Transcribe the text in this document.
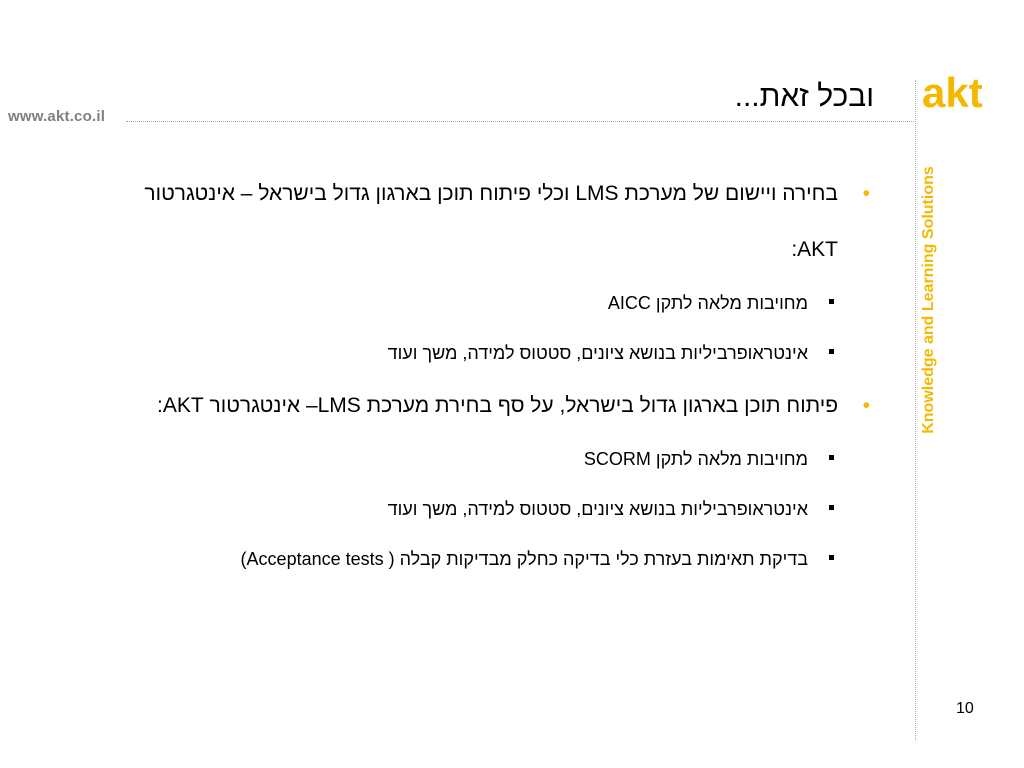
www.akt.co.il
akt
Knowledge and Learning Solutions
ובכל זאת...
•
בחירה ויישום של מערכת LMS וכלי פיתוח תוכן בארגון גדול בישראל – אינטגרטור AKT:
מחויבות מלאה לתקן AICC
אינטראופרביליות בנושא ציונים, סטטוס למידה, משך ועוד
•
פיתוח תוכן בארגון גדול בישראל, על סף בחירת מערכת LMS– אינטגרטור AKT:
מחויבות מלאה לתקן SCORM
אינטראופרביליות בנושא ציונים, סטטוס למידה, משך ועוד
בדיקת תאימות בעזרת כלי בדיקה כחלק מבדיקות קבלה ( Acceptance tests)
10
